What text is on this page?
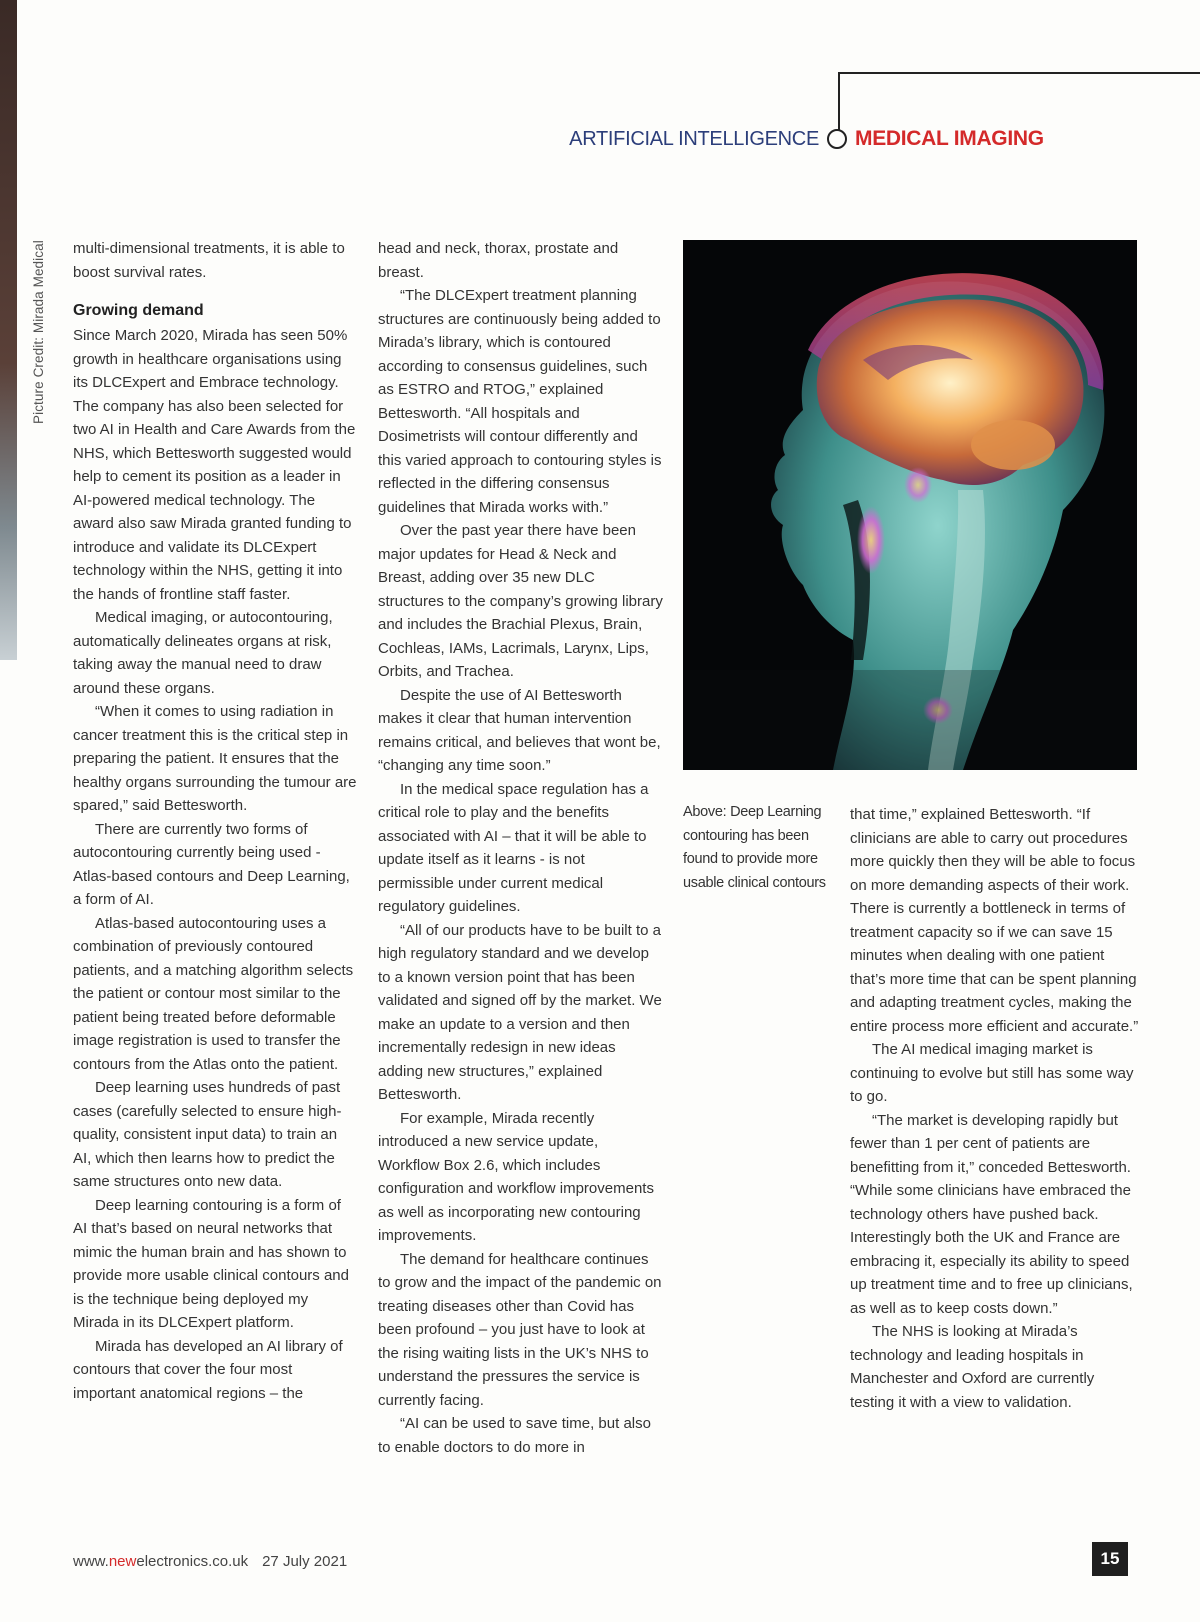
Picture Credit: Mirada Medical
ARTIFICIAL INTELLIGENCE MEDICAL IMAGING

multi-dimensional treatments, it is able to boost survival rates.

Growing demand

Since March 2020, Mirada has seen 50% growth in healthcare organisations using its DLCExpert and Embrace technology. The company has also been selected for two AI in Health and Care Awards from the NHS, which Bettesworth suggested would help to cement its position as a leader in AI-powered medical technology. The award also saw Mirada granted funding to introduce and validate its DLCExpert technology within the NHS, getting it into the hands of frontline staff faster.

Medical imaging, or autocontouring, automatically delineates organs at risk, taking away the manual need to draw around these organs.

“When it comes to using radiation in cancer treatment this is the critical step in preparing the patient. It ensures that the healthy organs surrounding the tumour are spared,” said Bettesworth.

There are currently two forms of autocontouring currently being used - Atlas-based contours and Deep Learning, a form of AI.

Atlas-based autocontouring uses a combination of previously contoured patients, and a matching algorithm selects the patient or contour most similar to the patient being treated before deformable image registration is used to transfer the contours from the Atlas onto the patient.

Deep learning uses hundreds of past cases (carefully selected to ensure high-quality, consistent input data) to train an AI, which then learns how to predict the same structures onto new data.

Deep learning contouring is a form of AI that’s based on neural networks that mimic the human brain and has shown to provide more usable clinical contours and is the technique being deployed my Mirada in its DLCExpert platform.

Mirada has developed an AI library of contours that cover the four most important anatomical regions – the

head and neck, thorax, prostate and breast.

“The DLCExpert treatment planning structures are continuously being added to Mirada’s library, which is contoured according to consensus guidelines, such as ESTRO and RTOG,” explained Bettesworth. “All hospitals and Dosimetrists will contour differently and this varied approach to contouring styles is reflected in the differing consensus guidelines that Mirada works with.”

Over the past year there have been major updates for Head & Neck and Breast, adding over 35 new DLC structures to the company’s growing library and includes the Brachial Plexus, Brain, Cochleas, IAMs, Lacrimals, Larynx, Lips, Orbits, and Trachea.

Despite the use of AI Bettesworth makes it clear that human intervention remains critical, and believes that wont be, “changing any time soon.”

In the medical space regulation has a critical role to play and the benefits associated with AI – that it will be able to update itself as it learns - is not permissible under current medical regulatory guidelines.

“All of our products have to be built to a high regulatory standard and we develop to a known version point that has been validated and signed off by the market. We make an update to a version and then incrementally redesign in new ideas adding new structures,” explained Bettesworth.

For example, Mirada recently introduced a new service update, Workflow Box 2.6, which includes configuration and workflow improvements as well as incorporating new contouring improvements.

The demand for healthcare continues to grow and the impact of the pandemic on treating diseases other than Covid has been profound – you just have to look at the rising waiting lists in the UK’s NHS to understand the pressures the service is currently facing.

“AI can be used to save time, but also to enable doctors to do more in

Above: Deep Learning contouring has been found to provide more usable clinical contours

that time,” explained Bettesworth. “If clinicians are able to carry out procedures more quickly then they will be able to focus on more demanding aspects of their work. There is currently a bottleneck in terms of treatment capacity so if we can save 15 minutes when dealing with one patient that’s more time that can be spent planning and adapting treatment cycles, making the entire process more efficient and accurate.”

The AI medical imaging market is continuing to evolve but still has some way to go.

“The market is developing rapidly but fewer than 1 per cent of patients are benefitting from it,” conceded Bettesworth. “While some clinicians have embraced the technology others have pushed back. Interestingly both the UK and France are embracing it, especially its ability to speed up treatment time and to free up clinicians, as well as to keep costs down.”

The NHS is looking at Mirada’s technology and leading hospitals in Manchester and Oxford are currently testing it with a view to validation.

www.newelectronics.co.uk 27 July 2021	15
